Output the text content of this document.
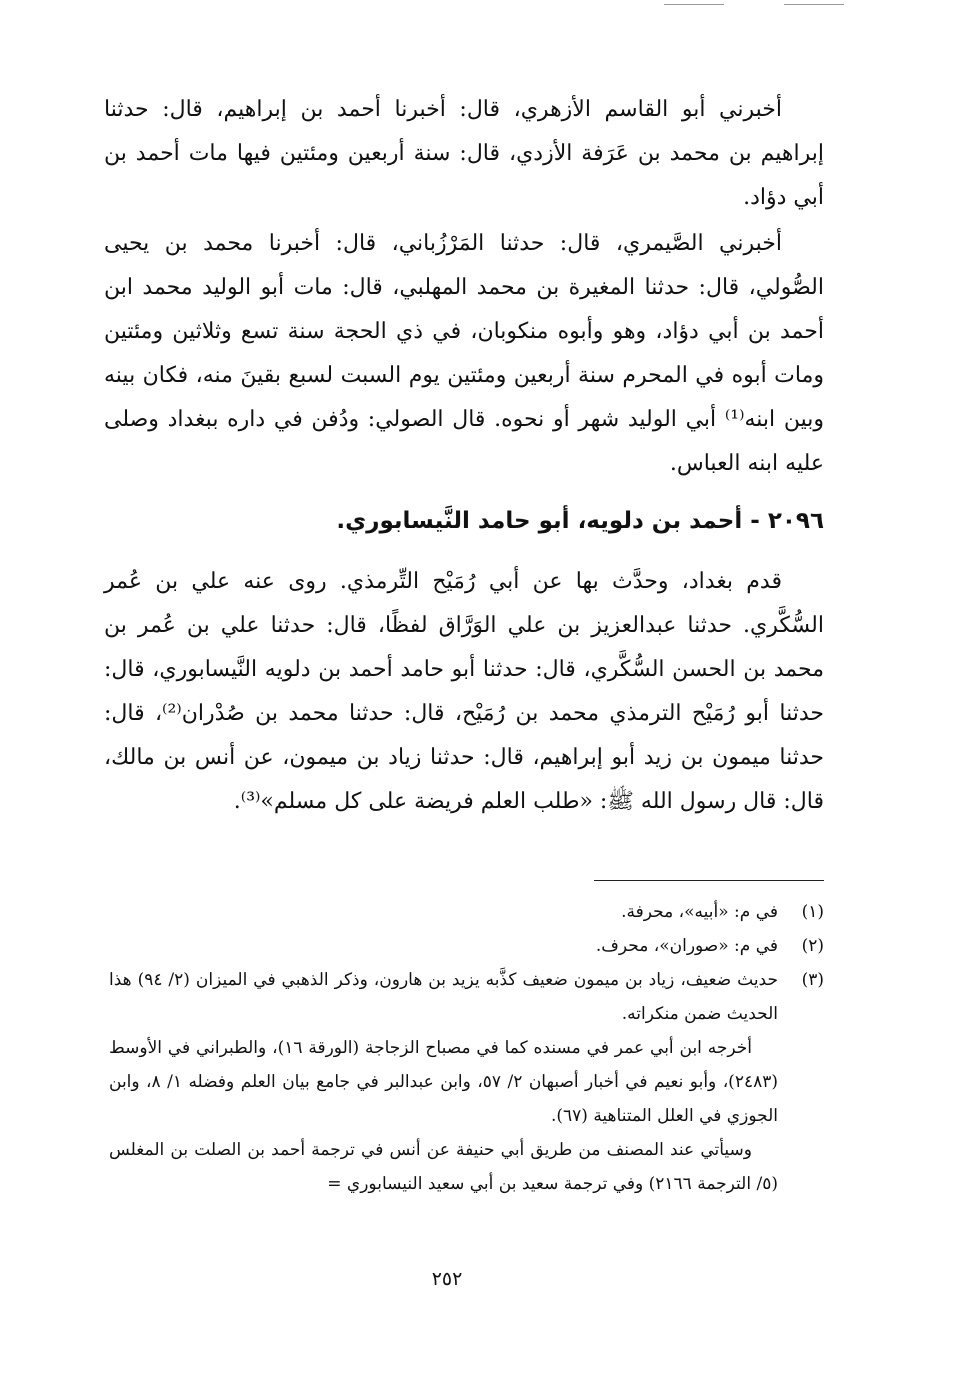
أخبرني أبو القاسم الأزهري، قال: أخبرنا أحمد بن إبراهيم، قال: حدثنا إبراهيم بن محمد بن عَرَفة الأزدي، قال: سنة أربعين ومئتين فيها مات أحمد بن أبي دؤاد.

أخبرني الصَّيمري، قال: حدثنا المَرْزُباني، قال: أخبرنا محمد بن يحيى الصُّولي، قال: حدثنا المغيرة بن محمد المهلبي، قال: مات أبو الوليد محمد ابن أحمد بن أبي دؤاد، وهو وأبوه منكوبان، في ذي الحجة سنة تسع وثلاثين ومئتين ومات أبوه في المحرم سنة أربعين ومئتين يوم السبت لسبع بقينَ منه، فكان بينه وبين ابنه⁽¹⁾ أبي الوليد شهر أو نحوه. قال الصولي: ودُفن في داره ببغداد وصلى عليه ابنه العباس.

٢٠٩٦ - أحمد بن دلويه، أبو حامد النَّيسابوري.

قدم بغداد، وحدَّث بها عن أبي رُمَيْح التِّرمذي. روى عنه علي بن عُمر السُّكَّري. حدثنا عبدالعزيز بن علي الوَرَّاق لفظًا، قال: حدثنا علي بن عُمر بن محمد بن الحسن السُّكَّري، قال: حدثنا أبو حامد أحمد بن دلويه النَّيسابوري، قال: حدثنا أبو رُمَيْح الترمذي محمد بن رُمَيْح، قال: حدثنا محمد بن صُدْران⁽²⁾، قال: حدثنا ميمون بن زيد أبو إبراهيم، قال: حدثنا زياد بن ميمون، عن أنس بن مالك، قال: قال رسول الله ﷺ: «طلب العلم فريضة على كل مسلم»⁽³⁾.

(١)
في م: «أبيه»، محرفة.
(٢)
في م: «صوران»، محرف.
(٣)
حديث ضعيف، زياد بن ميمون ضعيف كذَّبه يزيد بن هارون، وذكر الذهبي في الميزان (٢/ ٩٤) هذا الحديث ضمن منكراته.

أخرجه ابن أبي عمر في مسنده كما في مصباح الزجاجة (الورقة ١٦)، والطبراني في الأوسط (٢٤٨٣)، وأبو نعيم في أخبار أصبهان ٢/ ٥٧، وابن عبدالبر في جامع بيان العلم وفضله ١/ ٨، وابن الجوزي في العلل المتناهية (٦٧).

وسيأتي عند المصنف من طريق أبي حنيفة عن أنس في ترجمة أحمد بن الصلت بن المغلس (٥/ الترجمة ٢١٦٦) وفي ترجمة سعيد بن أبي سعيد النيسابوري =

٢٥٢
